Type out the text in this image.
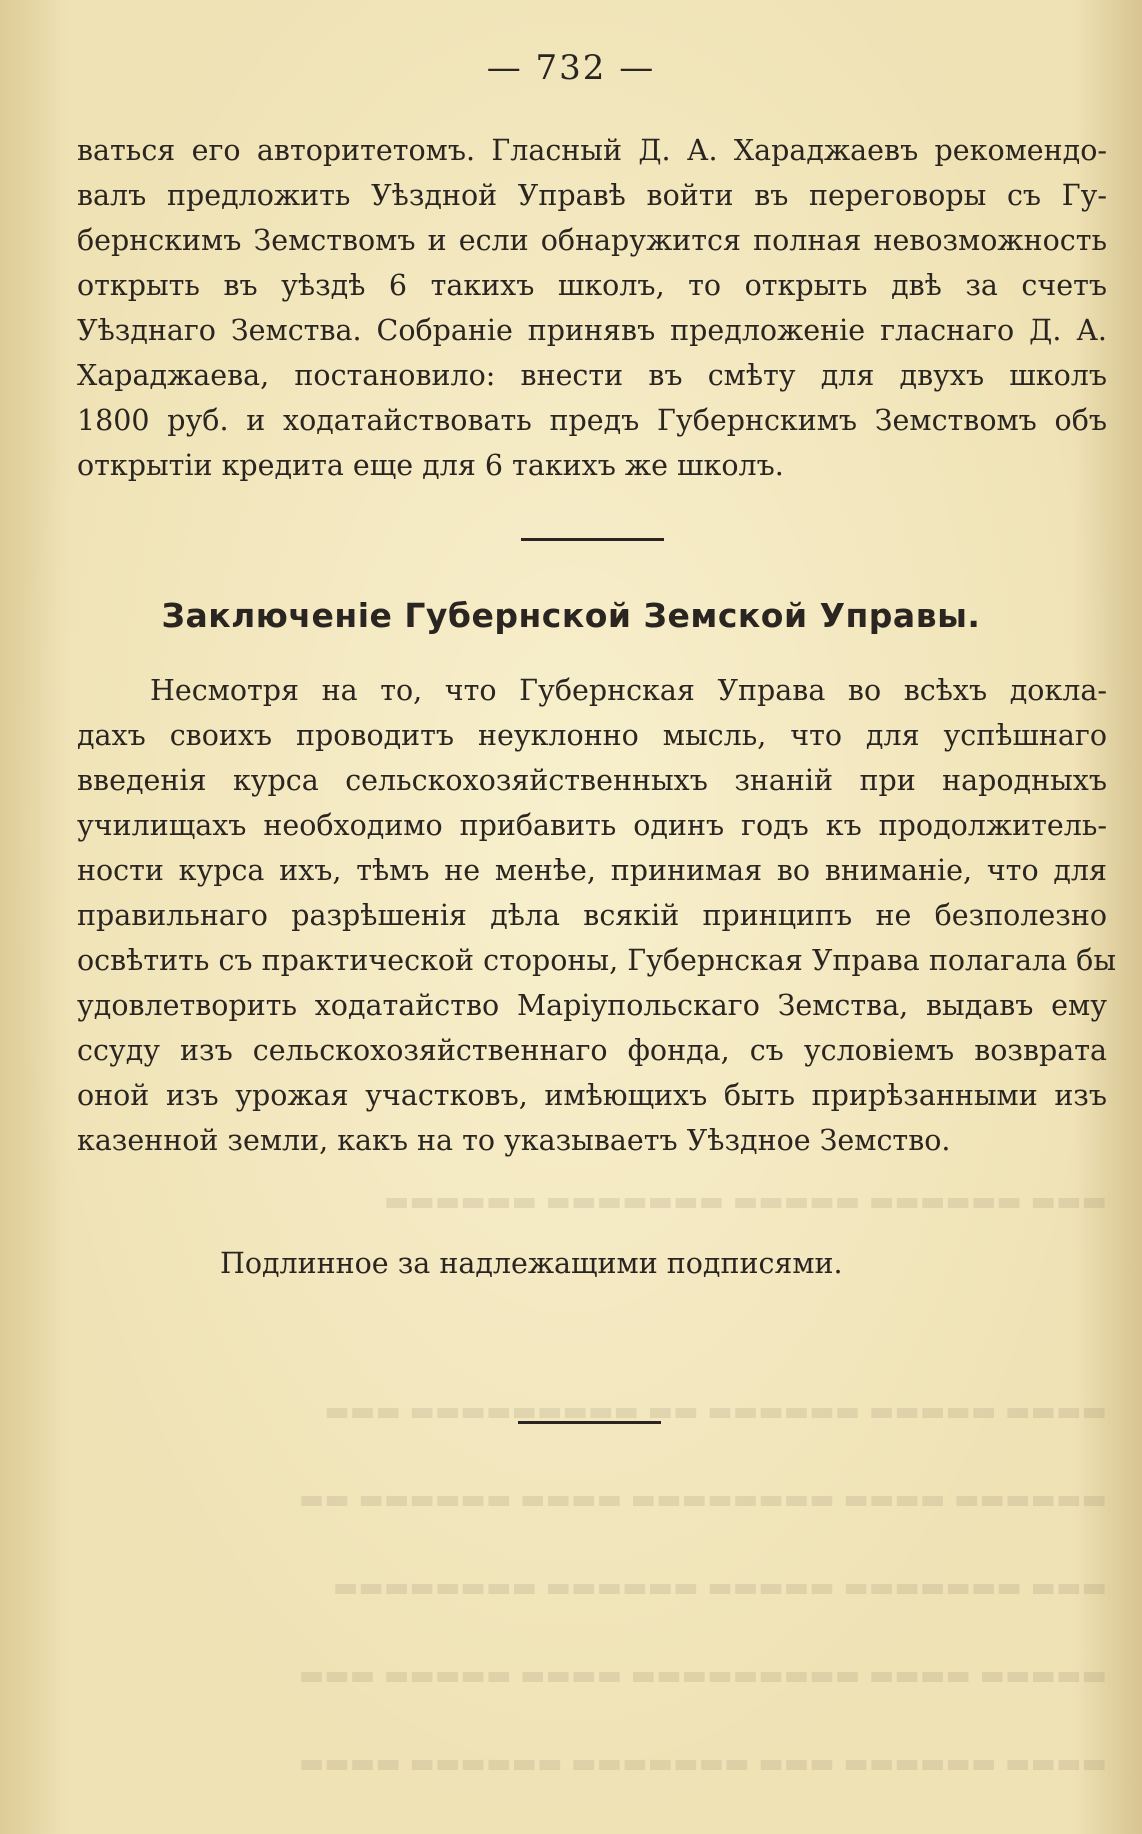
▬▬▬ ▬▬▬▬▬▬ ▬▬▬▬▬ ▬▬▬▬▬▬▬ ▬▬▬▬▬▬
▬▬▬▬ ▬▬▬▬▬ ▬▬▬▬▬▬ ▬▬ ▬▬▬▬▬▬▬▬▬ ▬▬▬
▬▬▬▬▬▬ ▬▬▬▬ ▬▬▬▬▬▬▬▬ ▬▬▬▬ ▬▬▬▬▬▬ ▬▬
▬▬▬ ▬▬▬▬▬▬▬ ▬▬▬▬▬ ▬▬▬▬▬▬ ▬▬▬▬▬▬▬▬
▬▬▬▬▬ ▬▬▬▬ ▬▬▬▬▬▬▬▬▬ ▬▬▬▬ ▬▬▬▬▬ ▬▬▬
▬▬▬▬ ▬▬▬▬▬▬ ▬▬▬ ▬▬▬▬▬▬▬ ▬▬▬▬▬▬ ▬▬▬▬
— 732 —
ваться его авторитетомъ. Гласный Д. А. Хараджаевъ рекомендо-
валъ предложить Уѣздной Управѣ войти въ переговоры съ Гу-
бернскимъ Земствомъ и если обнаружится полная невозможность
открыть въ уѣздѣ 6 такихъ школъ, то открыть двѣ за счетъ
Уѣзднаго Земства. Собраніе принявъ предложеніе гласнаго Д. А.
Хараджаева, постановило: внести въ смѣту для двухъ школъ
1800 руб. и ходатайствовать предъ Губернскимъ Земствомъ объ
открытіи кредита еще для 6 такихъ же школъ.
Заключеніе Губернской Земской Управы.
Несмотря на то, что Губернская Управа во всѣхъ докла-
дахъ своихъ проводитъ неуклонно мысль, что для успѣшнаго
введенія курса сельскохозяйственныхъ знаній при народныхъ
училищахъ необходимо прибавить одинъ годъ къ продолжитель-
ности курса ихъ, тѣмъ не менѣе, принимая во вниманіе, что для
правильнаго разрѣшенія дѣла всякій принципъ не безполезно
освѣтить съ практической стороны, Губернская Управа полагала бы
удовлетворить ходатайство Маріупольскаго Земства, выдавъ ему
ссуду изъ сельскохозяйственнаго фонда, съ условіемъ возврата
оной изъ урожая участковъ, имѣющихъ быть прирѣзанными изъ
казенной земли, какъ на то указываетъ Уѣздное Земство.
Подлинное за надлежащими подписями.
